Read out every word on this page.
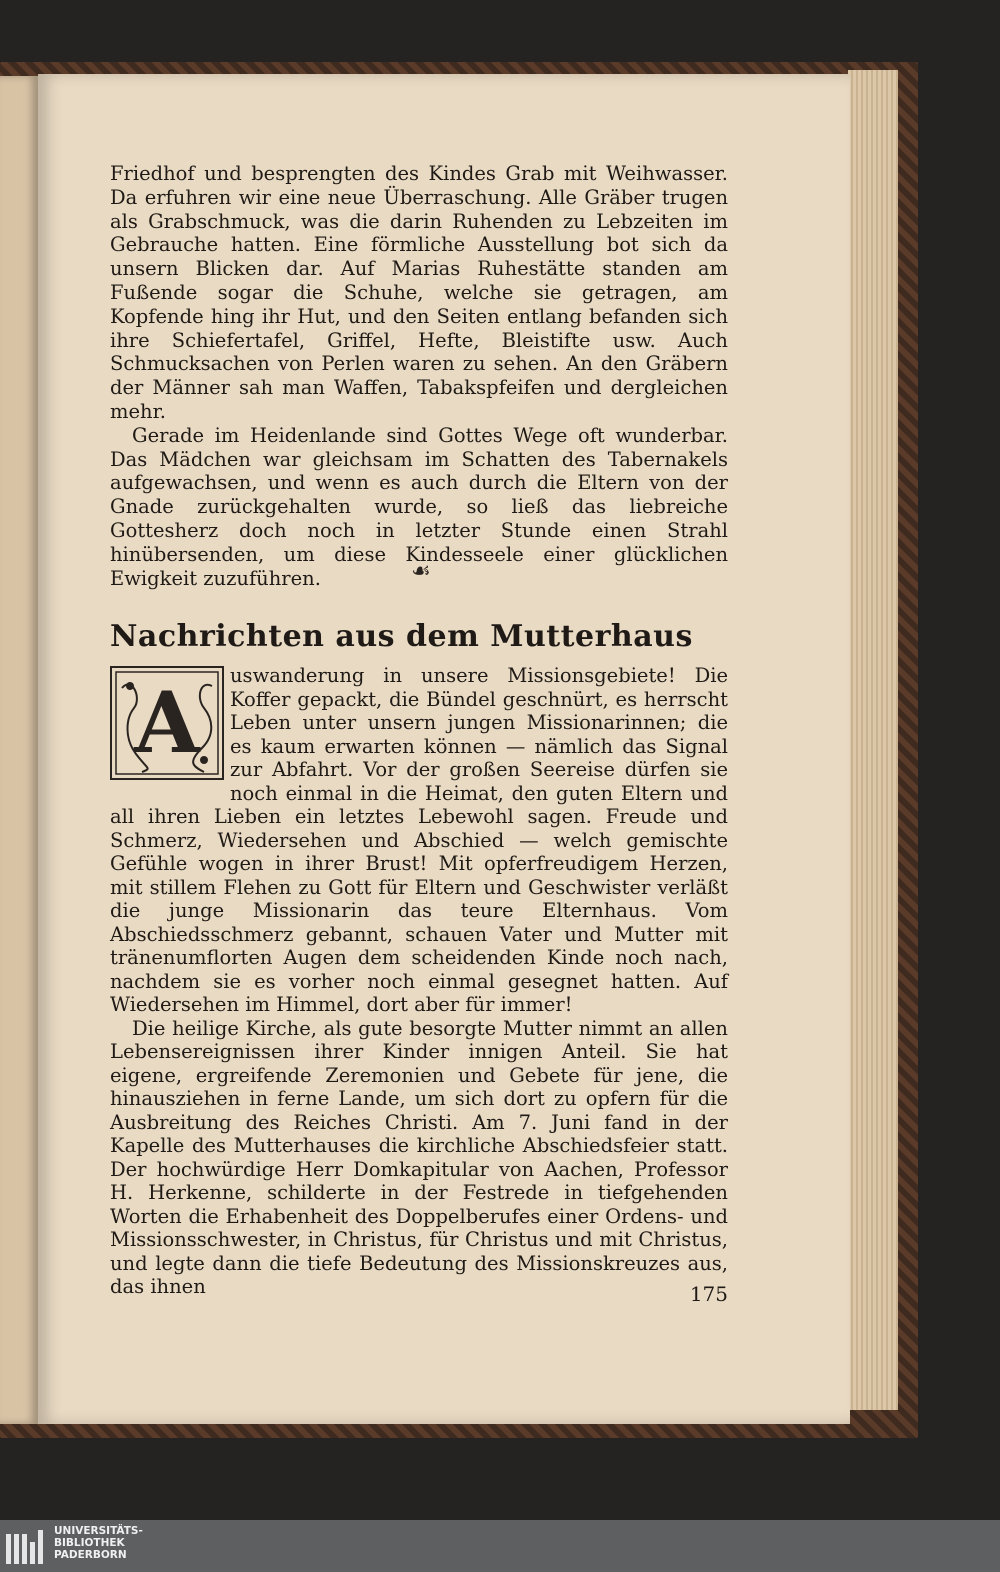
Friedhof und besprengten des Kindes Grab mit Weihwasser. Da erfuhren wir eine neue Überraschung. Alle Gräber trugen als Grabschmuck, was die darin Ruhenden zu Lebzeiten im Gebrauche hatten. Eine förmliche Ausstellung bot sich da unsern Blicken dar. Auf Marias Ruhestätte standen am Fußende sogar die Schuhe, welche sie getragen, am Kopfende hing ihr Hut, und den Seiten entlang befanden sich ihre Schiefertafel, Griffel, Hefte, Bleistifte usw. Auch Schmucksachen von Perlen waren zu sehen. An den Gräbern der Männer sah man Waffen, Tabakspfeifen und dergleichen mehr.

Gerade im Heidenlande sind Gottes Wege oft wunderbar. Das Mädchen war gleichsam im Schatten des Tabernakels aufgewachsen, und wenn es auch durch die Eltern von der Gnade zurückgehalten wurde, so ließ das liebreiche Gottesherz doch noch in letzter Stunde einen Strahl hinübersenden, um diese Kindesseele einer glücklichen Ewigkeit zuzuführen.	☙
Nachrichten aus dem Mutterhaus

A uswanderung in unsere Missionsgebiete! Die Koffer gepackt, die Bündel geschnürt, es herrscht Leben unter unsern jungen Missionarinnen; die es kaum erwarten können — nämlich das Signal zur Abfahrt. Vor der großen Seereise dürfen sie noch einmal in die Heimat, den guten Eltern und all ihren Lieben ein letztes Lebewohl sagen. Freude und Schmerz, Wiedersehen und Abschied — welch gemischte Gefühle wogen in ihrer Brust! Mit opferfreudigem Herzen, mit stillem Flehen zu Gott für Eltern und Geschwister verläßt die junge Missionarin das teure Elternhaus. Vom Abschiedsschmerz gebannt, schauen Vater und Mutter mit tränenumflorten Augen dem scheidenden Kinde noch nach, nachdem sie es vorher noch einmal gesegnet hatten. Auf Wiedersehen im Himmel, dort aber für immer!

Die heilige Kirche, als gute besorgte Mutter nimmt an allen Lebensereignissen ihrer Kinder innigen Anteil. Sie hat eigene, ergreifende Zeremonien und Gebete für jene, die hinausziehen in ferne Lande, um sich dort zu opfern für die Ausbreitung des Reiches Christi. Am 7. Juni fand in der Kapelle des Mutterhauses die kirchliche Abschiedsfeier statt. Der hochwürdige Herr Domkapitular von Aachen, Professor H. Herkenne, schilderte in der Festrede in tiefgehenden Worten die Erhabenheit des Doppelberufes einer Ordens- und Missionsschwester, in Christus, für Christus und mit Christus, und legte dann die tiefe Bedeutung des Missionskreuzes aus, das ihnen	175
UNIVERSITÄTS-
BIBLIOTHEK
PADERBORN
